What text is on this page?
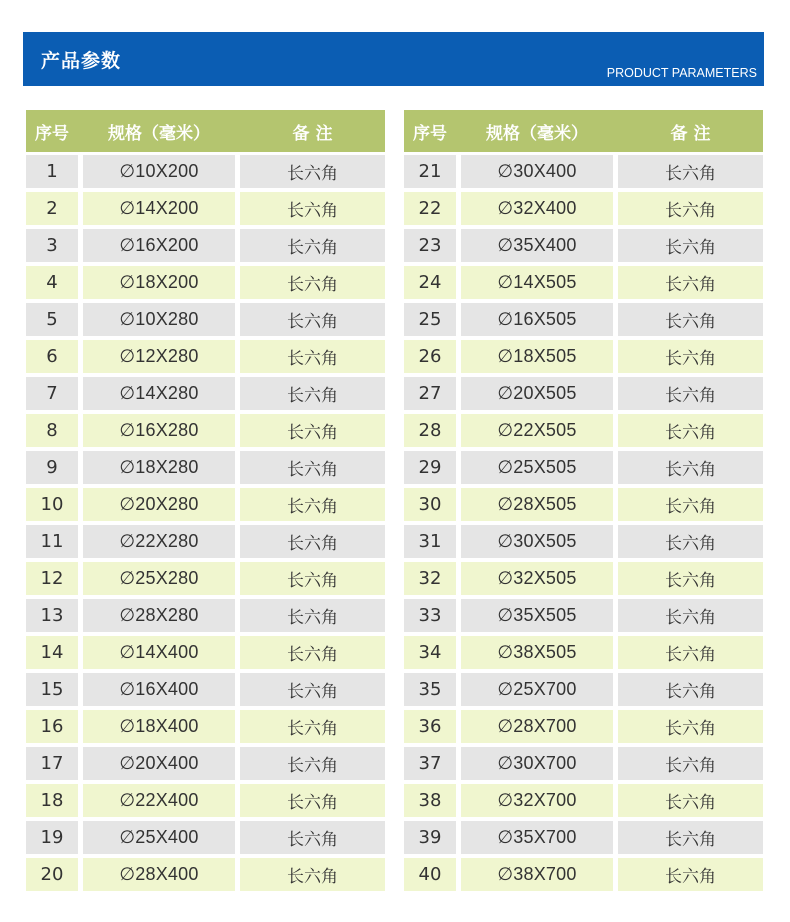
产品参数
PRODUCT PARAMETERS
序号	规格（毫米）	备 注
1	∅10X200	长六角
2	∅14X200	长六角
3	∅16X200	长六角
4	∅18X200	长六角
5	∅10X280	长六角
6	∅12X280	长六角
7	∅14X280	长六角
8	∅16X280	长六角
9	∅18X280	长六角
10	∅20X280	长六角
11	∅22X280	长六角
12	∅25X280	长六角
13	∅28X280	长六角
14	∅14X400	长六角
15	∅16X400	长六角
16	∅18X400	长六角
17	∅20X400	长六角
18	∅22X400	长六角
19	∅25X400	长六角
20	∅28X400	长六角
序号	规格（毫米）	备 注
21	∅30X400	长六角
22	∅32X400	长六角
23	∅35X400	长六角
24	∅14X505	长六角
25	∅16X505	长六角
26	∅18X505	长六角
27	∅20X505	长六角
28	∅22X505	长六角
29	∅25X505	长六角
30	∅28X505	长六角
31	∅30X505	长六角
32	∅32X505	长六角
33	∅35X505	长六角
34	∅38X505	长六角
35	∅25X700	长六角
36	∅28X700	长六角
37	∅30X700	长六角
38	∅32X700	长六角
39	∅35X700	长六角
40	∅38X700	长六角
